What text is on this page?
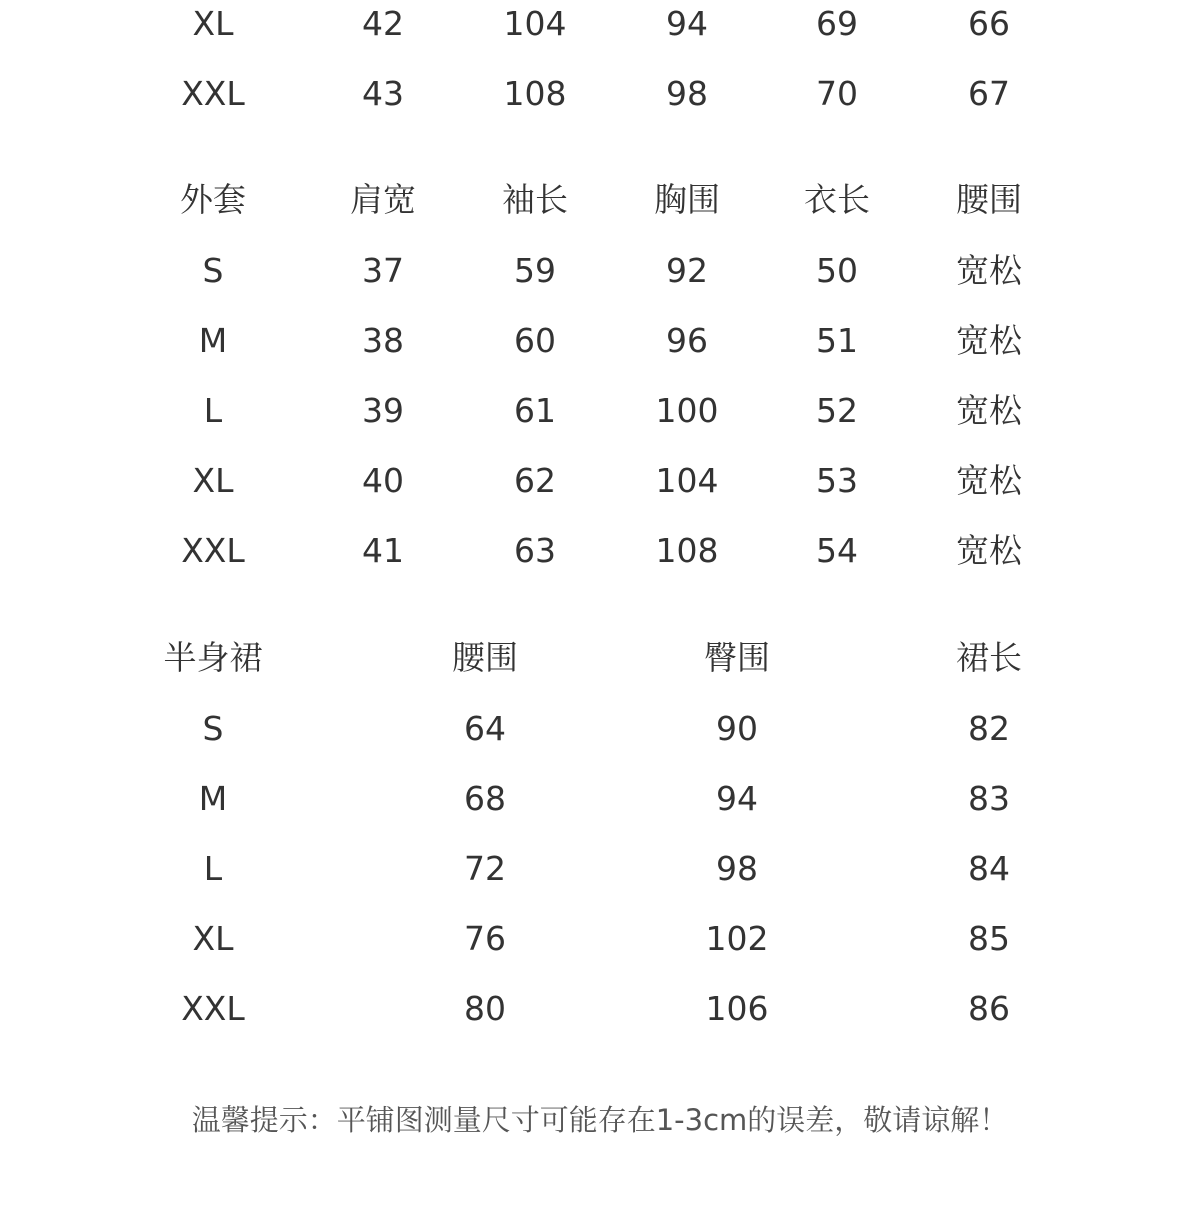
XL	42	104	94	69	66
XXL	43	108	98	70	67
外套	肩宽	袖长	胸围	衣长	腰围
S	37	59	92	50	宽松
M	38	60	96	51	宽松
L	39	61	100	52	宽松
XL	40	62	104	53	宽松
XXL	41	63	108	54	宽松
半身裙	腰围	臀围	裙长
S	64	90	82
M	68	94	83
L	72	98	84
XL	76	102	85
XXL	80	106	86
温馨提示：平铺图测量尺寸可能存在1-3cm的误差，敬请谅解！
